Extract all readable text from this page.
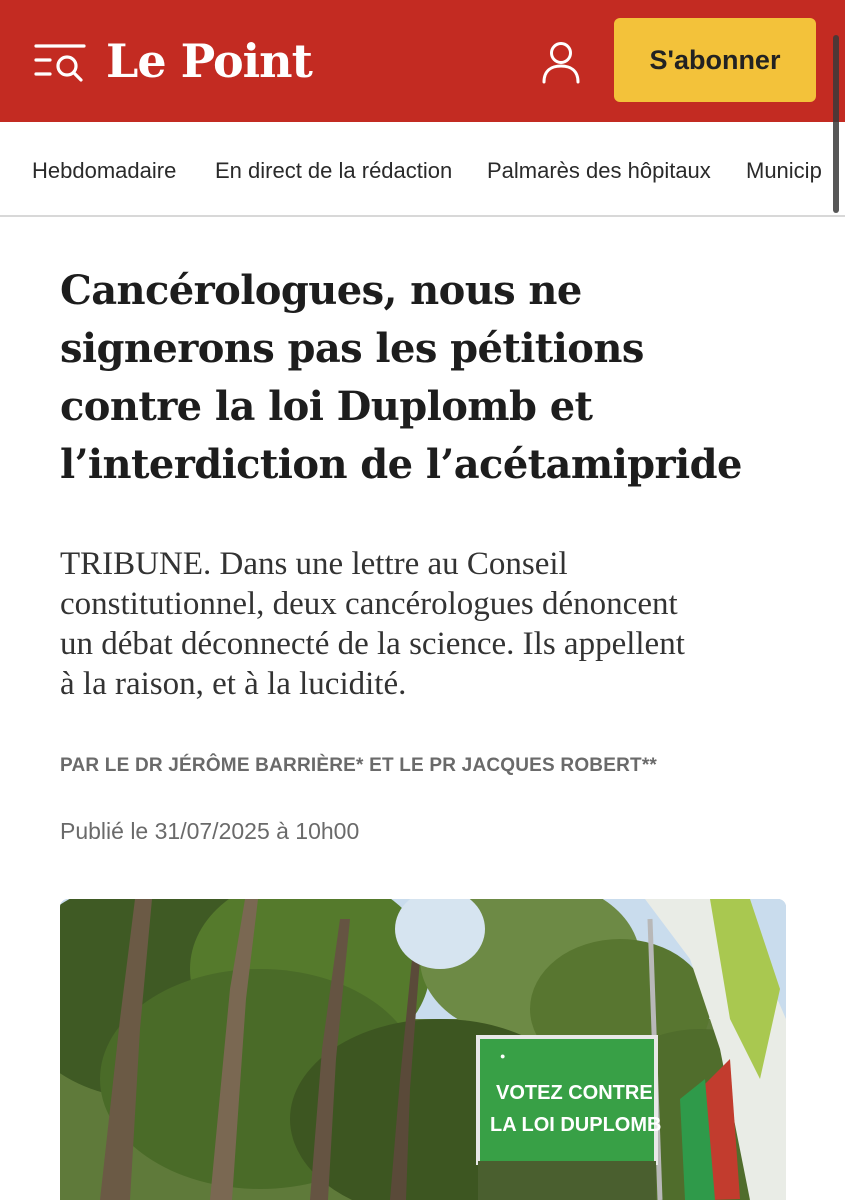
Le Point	S'abonner
Hebdomadaire En direct de la rédaction Palmarès des hôpitaux Municip
Cancérologues, nous ne
signerons pas les pétitions
contre la loi Duplomb et
l’interdiction de l’acétamipride
TRIBUNE. Dans une lettre au Conseil
constitutionnel, deux cancérologues dénoncent
un débat déconnecté de la science. Ils appellent
à la raison, et à la lucidité.
PAR LE DR JÉRÔME BARRIÈRE* ET LE PR JACQUES ROBERT**
Publié le 31/07/2025 à 10h00
●
VOTEZ CONTRE
LA LOI DUPLOMB
